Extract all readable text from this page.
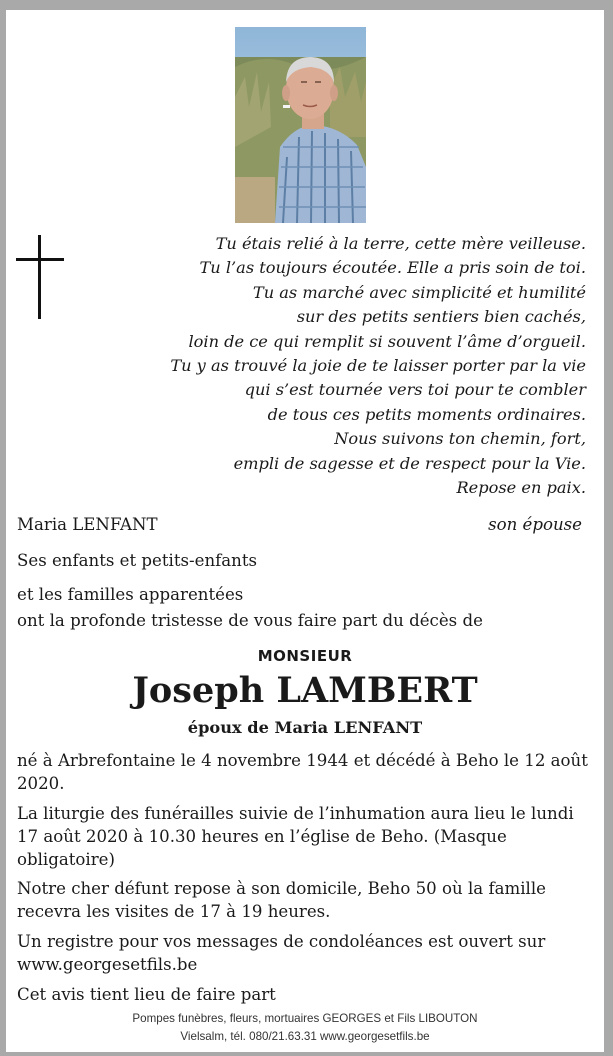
Tu étais relié à la terre, cette mère veilleuse.
Tu l’as toujours écoutée. Elle a pris soin de toi.
Tu as marché avec simplicité et humilité
sur des petits sentiers bien cachés,
loin de ce qui remplit si souvent l’âme d’orgueil.
Tu y as trouvé la joie de te laisser porter par la vie
qui s’est tournée vers toi pour te combler
de tous ces petits moments ordinaires.
Nous suivons ton chemin, fort,
empli de sagesse et de respect pour la Vie.
Repose en paix.
Maria LENFANT	son épouse
Ses enfants et petits-enfants
et les familles apparentées
ont la profonde tristesse de vous faire part du décès de
MONSIEUR
Joseph LAMBERT
époux de Maria LENFANT
né à Arbrefontaine le 4 novembre 1944 et décédé à Beho le 12 août 2020.
La liturgie des funérailles suivie de l’inhumation aura lieu le lundi 17 août 2020 à 10.30 heures en l’église de Beho. (Masque obligatoire)
Notre cher défunt repose à son domicile, Beho 50 où la famille recevra les visites de 17 à 19 heures.
Un registre pour vos messages de condoléances est ouvert sur www.georgesetfils.be
Cet avis tient lieu de faire part
Pompes funèbres, fleurs, mortuaires GEORGES et Fils LIBOUTON
Vielsalm, tél. 080/21.63.31 www.georgesetfils.be
